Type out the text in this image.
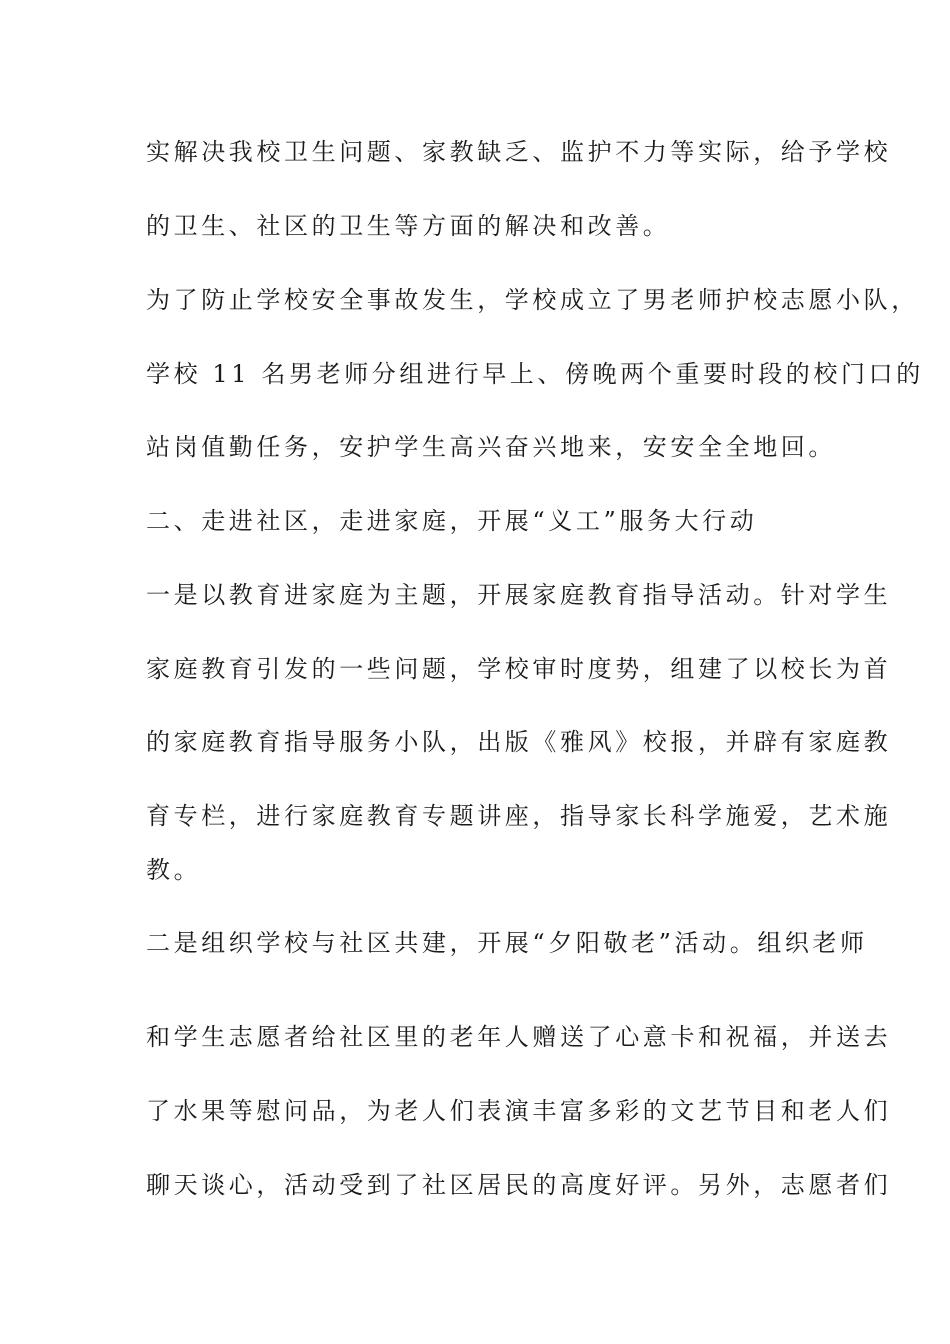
实解决我校卫生问题、家教缺乏、监护不力等实际，给予学校
的卫生、社区的卫生等方面的解决和改善。
为了防止学校安全事故发生，学校成立了男老师护校志愿小队，
学校 11 名男老师分组进行早上、傍晚两个重要时段的校门口的
站岗值勤任务，安护学生高兴奋兴地来，安安全全地回。
二、走进社区，走进家庭，开展“义工”服务大行动
一是以教育进家庭为主题，开展家庭教育指导活动。针对学生
家庭教育引发的一些问题，学校审时度势，组建了以校长为首
的家庭教育指导服务小队，出版《雅风》校报，并辟有家庭教
育专栏，进行家庭教育专题讲座，指导家长科学施爱，艺术施
教。
二是组织学校与社区共建，开展“夕阳敬老”活动。组织老师
和学生志愿者给社区里的老年人赠送了心意卡和祝福，并送去
了水果等慰问品，为老人们表演丰富多彩的文艺节目和老人们
聊天谈心，活动受到了社区居民的高度好评。另外，志愿者们
